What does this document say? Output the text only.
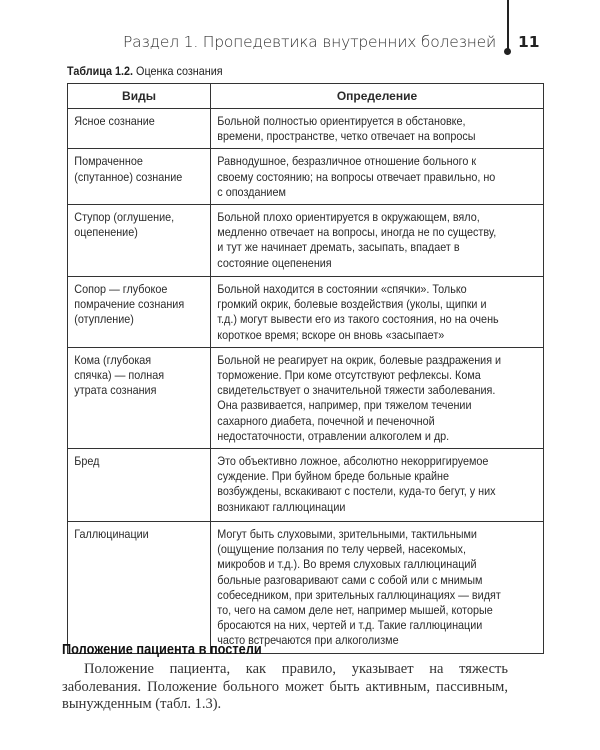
Раздел 1. Пропедевтика внутренних болезней 11
Таблица 1.2. Оценка сознания
Виды	Определение

Ясное сознание	Больной полностью ориентируется в обстановке, времени, пространстве, четко отвечает на вопросы

Помраченное (спутанное) сознание	Равнодушное, безразличное отношение больного к своему состоянию; на вопросы отвечает правильно, но с опозданием

Ступор (оглушение, оцепенение)	Больной плохо ориентируется в окружающем, вяло, медленно отвечает на вопросы, иногда не по существу, и тут же начинает дремать, засыпать, впадает в состояние оцепенения

Сопор — глубокое помрачение сознания (отупление)	Больной находится в состоянии «спячки». Только громкий окрик, болевые воздействия (уколы, щипки и т.д.) могут вывести его из такого состояния, но на очень короткое время; вскоре он вновь «засыпает»

Кома (глубокая спячка) — полная утрата сознания	Больной не реагирует на окрик, болевые раздражения и торможение. При коме отсутствуют рефлексы. Кома свидетельствует о значительной тяжести заболевания. Она развивается, например, при тяжелом течении сахарного диабета, почечной и печеночной недостаточности, отравлении алкоголем и др.

Бред	Это объективно ложное, абсолютно некорригируемое суждение. При буйном бреде больные крайне возбуждены, вскакивают с постели, куда-то бегут, у них возникают галлюцинации

Галлюцинации	Могут быть слуховыми, зрительными, тактильными (ощущение ползания по телу червей, насекомых, микробов и т.д.). Во время слуховых галлюцинаций больные разговаривают сами с собой или с мнимым собеседником, при зрительных галлюцинациях — видят то, чего на самом деле нет, например мышей, которые бросаются на них, чертей и т.д. Такие галлюцинации часто встречаются при алкоголизме
Положение пациента в постели
Положение пациента, как правило, указывает на тяжесть заболевания. Положение больного может быть активным, пассивным, вынужденным (табл. 1.3).
